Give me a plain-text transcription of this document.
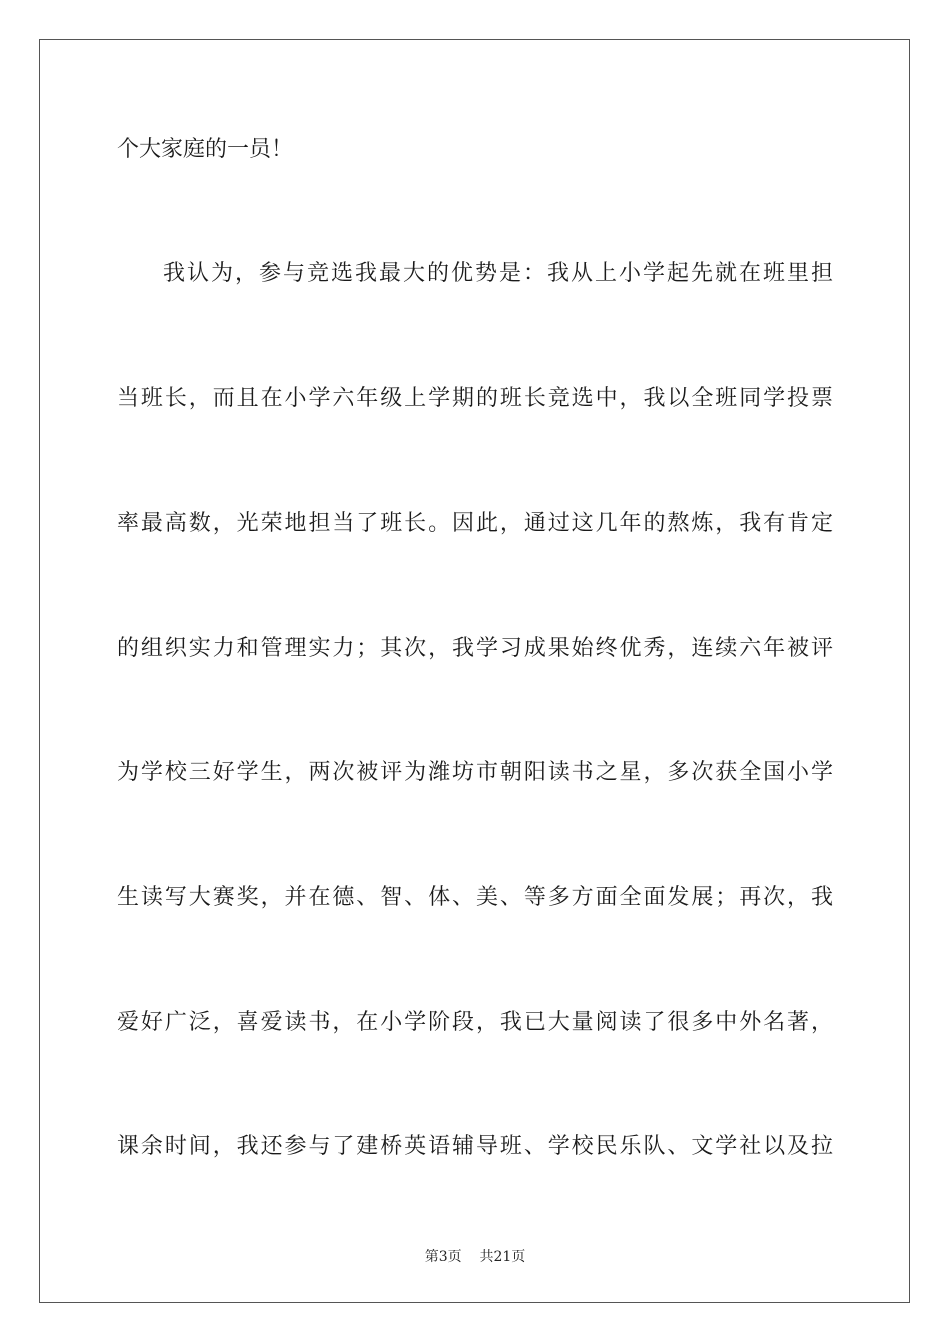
个大家庭的一员！
我认为，参与竞选我最大的优势是：我从上小学起先就在班里担
当班长，而且在小学六年级上学期的班长竞选中，我以全班同学投票
率最高数，光荣地担当了班长。因此，通过这几年的熬炼，我有肯定
的组织实力和管理实力；其次，我学习成果始终优秀，连续六年被评
为学校三好学生，两次被评为潍坊市朝阳读书之星，多次获全国小学
生读写大赛奖，并在德、智、体、美、等多方面全面发展；再次，我
爱好广泛，喜爱读书，在小学阶段，我已大量阅读了很多中外名著，
课余时间，我还参与了建桥英语辅导班、学校民乐队、文学社以及拉
第3页    共21页
